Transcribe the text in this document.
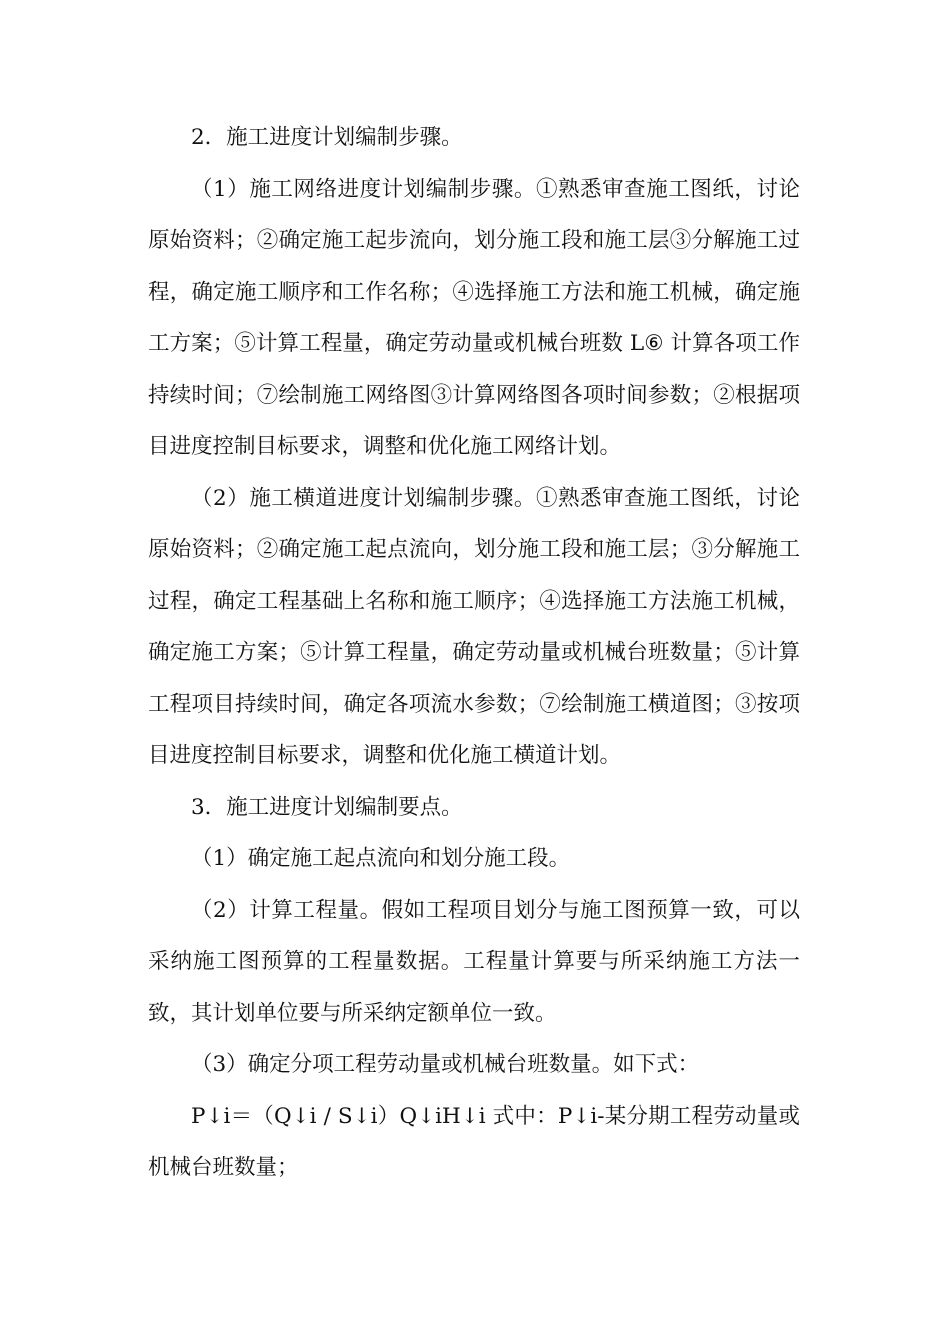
2．施工进度计划编制步骤。

（1）施工网络进度计划编制步骤。①熟悉审查施工图纸，讨论原始资料；②确定施工起步流向，划分施工段和施工层③分解施工过程，确定施工顺序和工作名称；④选择施工方法和施工机械，确定施工方案；⑤计算工程量，确定劳动量或机械台班数 L⑥ 计算各项工作持续时间；⑦绘制施工网络图③计算网络图各项时间参数；②根据项目进度控制目标要求，调整和优化施工网络计划。

（2）施工横道进度计划编制步骤。①熟悉审查施工图纸，讨论原始资料；②确定施工起点流向，划分施工段和施工层；③分解施工过程，确定工程基础上名称和施工顺序；④选择施工方法施工机械，确定施工方案；⑤计算工程量，确定劳动量或机械台班数量；⑤计算工程项目持续时间，确定各项流水参数；⑦绘制施工横道图；③按项目进度控制目标要求，调整和优化施工横道计划。

3．施工进度计划编制要点。

（1）确定施工起点流向和划分施工段。

（2）计算工程量。假如工程项目划分与施工图预算一致，可以采纳施工图预算的工程量数据。工程量计算要与所采纳施工方法一致，其计划单位要与所采纳定额单位一致。

（3）确定分项工程劳动量或机械台班数量。如下式：

P↓i＝（Q↓i / S↓i）Q↓iH↓i 式中：P↓i-某分期工程劳动量或机械台班数量；
